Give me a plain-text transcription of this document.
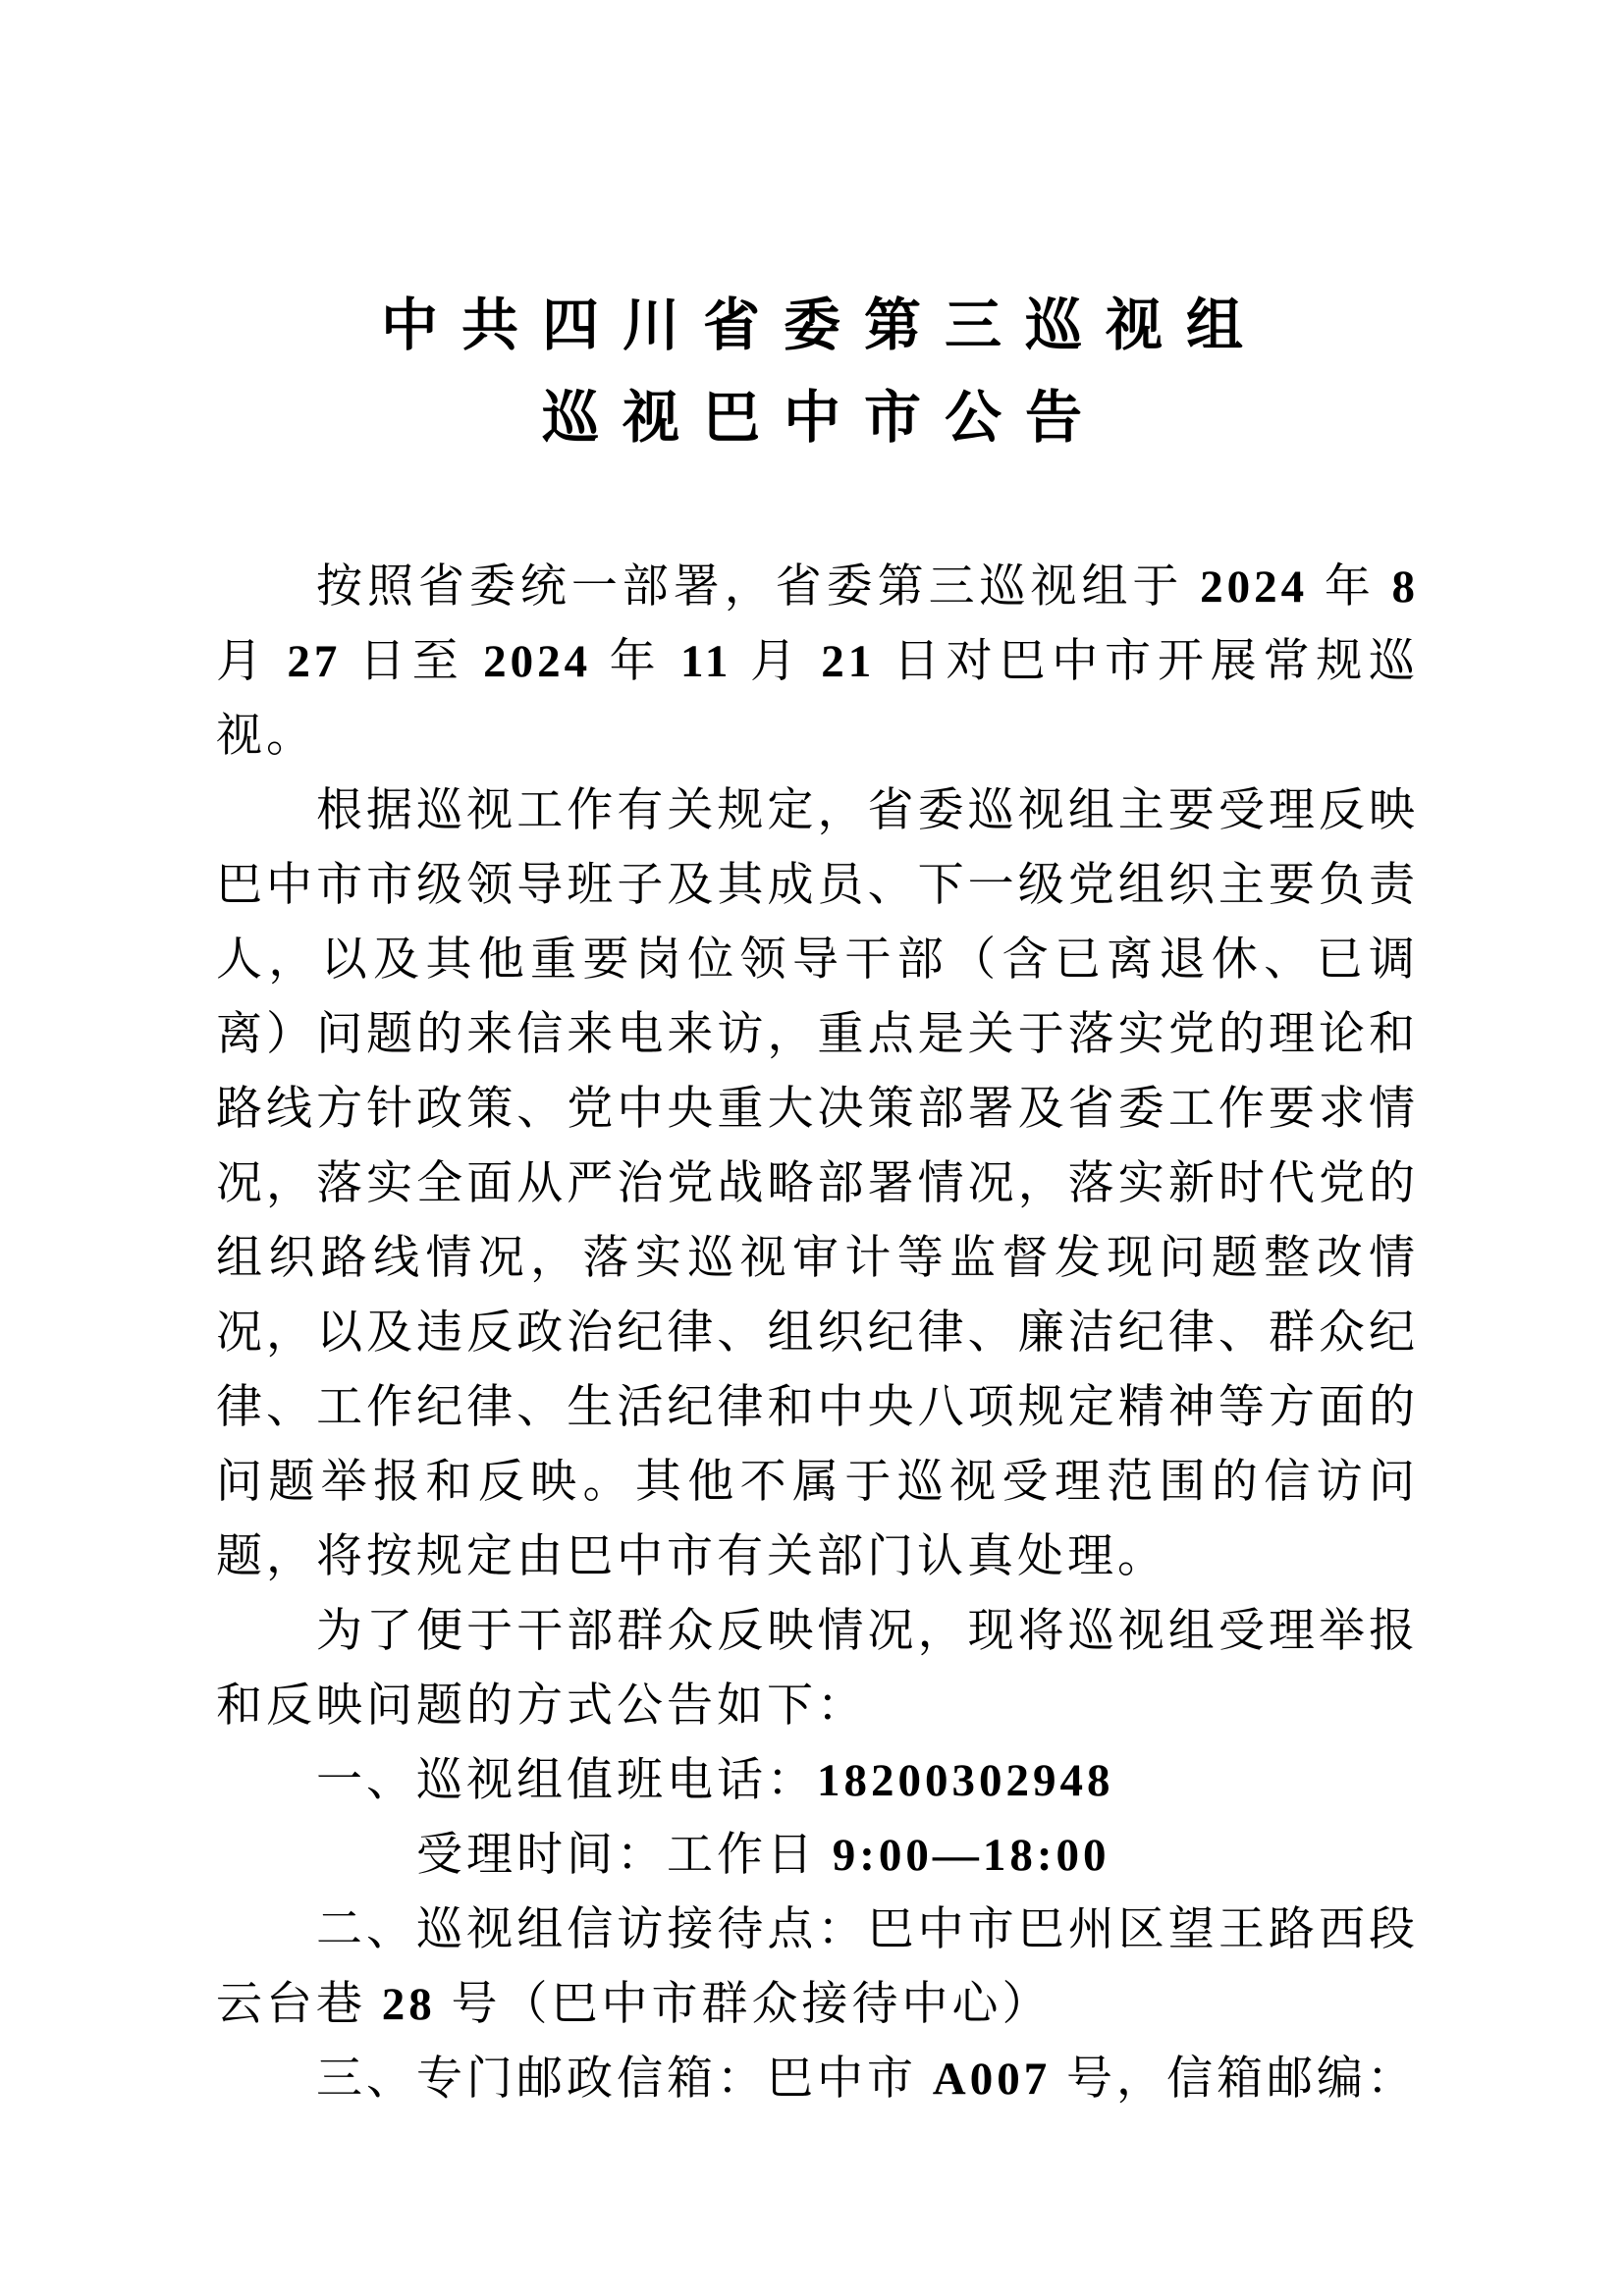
中共四川省委第三巡视组
巡视巴中市公告

按照省委统一部署，省委第三巡视组于 2024 年 8 月 27 日至 2024 年 11 月 21 日对巴中市开展常规巡视。

根据巡视工作有关规定，省委巡视组主要受理反映巴中市市级领导班子及其成员、下一级党组织主要负责人，以及其他重要岗位领导干部（含已离退休、已调离）问题的来信来电来访，重点是关于落实党的理论和路线方针政策、党中央重大决策部署及省委工作要求情况，落实全面从严治党战略部署情况，落实新时代党的组织路线情况，落实巡视审计等监督发现问题整改情况，以及违反政治纪律、组织纪律、廉洁纪律、群众纪律、工作纪律、生活纪律和中央八项规定精神等方面的问题举报和反映。其他不属于巡视受理范围的信访问题，将按规定由巴中市有关部门认真处理。

为了便于干部群众反映情况，现将巡视组受理举报和反映问题的方式公告如下：

一、巡视组值班电话：18200302948

受理时间：工作日 9:00—18:00

二、巡视组信访接待点：巴中市巴州区望王路西段云台巷 28 号（巴中市群众接待中心）

三、专门邮政信箱：巴中市 A007 号，信箱邮编：
